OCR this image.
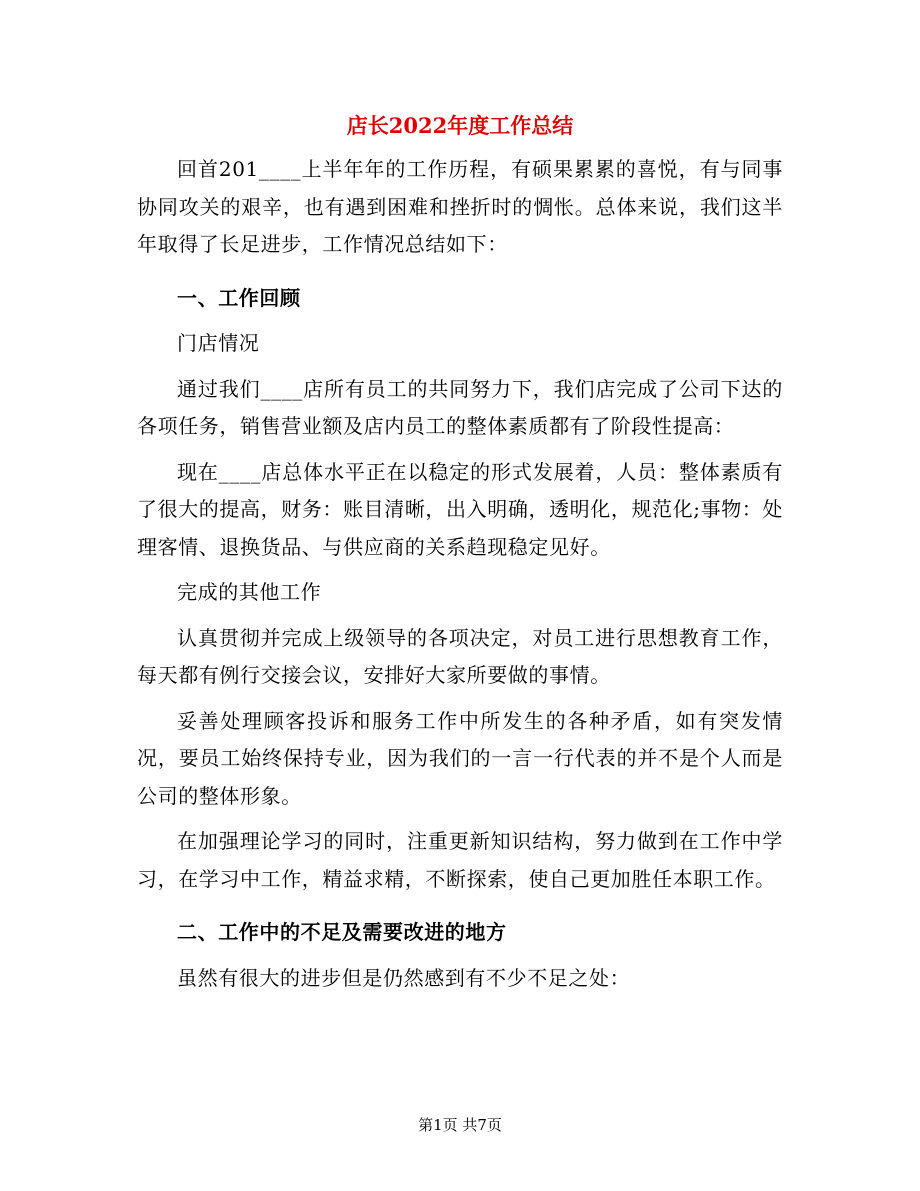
店长2022年度工作总结

回首201____上半年年的工作历程，有硕果累累的喜悦，有与同事协同攻关的艰辛，也有遇到困难和挫折时的惆怅。总体来说，我们这半年取得了长足进步，工作情况总结如下：

一、工作回顾

门店情况

通过我们____店所有员工的共同努力下，我们店完成了公司下达的各项任务，销售营业额及店内员工的整体素质都有了阶段性提高：

现在____店总体水平正在以稳定的形式发展着，人员：整体素质有了很大的提高，财务：账目清晰，出入明确，透明化，规范化;事物：处理客情、退换货品、与供应商的关系趋现稳定见好。

完成的其他工作

认真贯彻并完成上级领导的各项决定，对员工进行思想教育工作，每天都有例行交接会议，安排好大家所要做的事情。

妥善处理顾客投诉和服务工作中所发生的各种矛盾，如有突发情况，要员工始终保持专业，因为我们的一言一行代表的并不是个人而是公司的整体形象。

在加强理论学习的同时，注重更新知识结构，努力做到在工作中学习，在学习中工作，精益求精，不断探索，使自己更加胜任本职工作。

二、工作中的不足及需要改进的地方

虽然有很大的进步但是仍然感到有不少不足之处：

第1页 共7页
